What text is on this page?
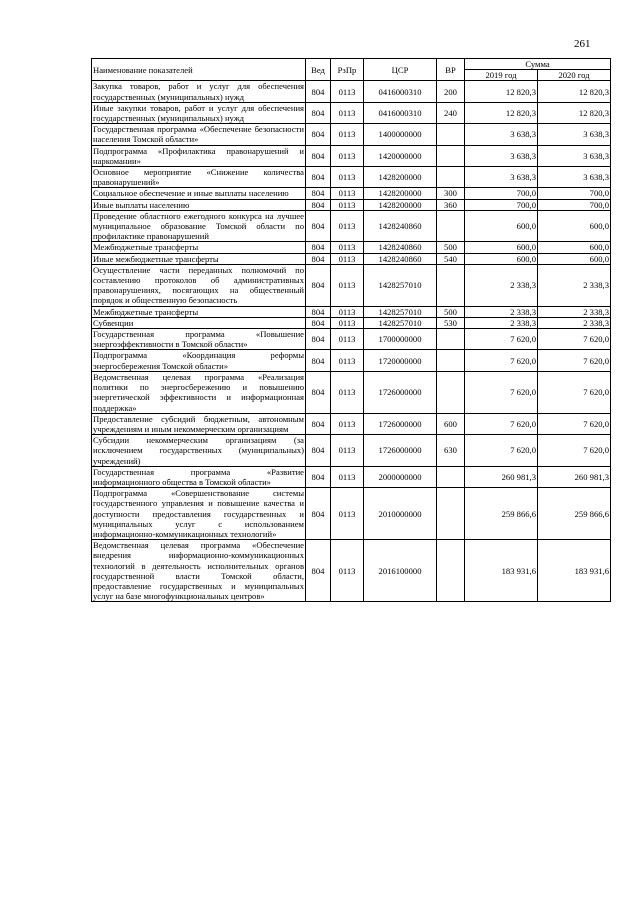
261
Наименование показателей	Вед	РзПр	ЦСР	ВР	Сумма	
					2019 год	2020 год
Закупка товаров, работ и услуг для обеспечения государственных (муниципальных) нужд	804	0113	0416000310	200	12 820,3	12 820,3
Иные закупки товаров, работ и услуг для обеспечения государственных (муниципальных) нужд	804	0113	0416000310	240	12 820,3	12 820,3
Государственная программа «Обеспечение безопасности населения Томской области»	804	0113	1400000000		3 638,3	3 638,3
Подпрограмма «Профилактика правонарушений и наркомании»	804	0113	1420000000		3 638,3	3 638,3
Основное мероприятие «Снижение количества правонарушений»	804	0113	1428200000		3 638,3	3 638,3
Социальное обеспечение и иные выплаты населению	804	0113	1428200000	300	700,0	700,0
Иные выплаты населению	804	0113	1428200000	360	700,0	700,0
Проведение областного ежегодного конкурса на лучшее муниципальное образование Томской области по профилактике правонарушений	804	0113	1428240860		600,0	600,0
Межбюджетные трансферты	804	0113	1428240860	500	600,0	600,0
Иные межбюджетные трансферты	804	0113	1428240860	540	600,0	600,0
Осуществление части переданных полномочий по составлению протоколов об административных правонарушениях, посягающих на общественный порядок и общественную безопасность	804	0113	1428257010		2 338,3	2 338,3
Межбюджетные трансферты	804	0113	1428257010	500	2 338,3	2 338,3
Субвенции	804	0113	1428257010	530	2 338,3	2 338,3
Государственная программа «Повышение энергоэффективности в Томской области»	804	0113	1700000000		7 620,0	7 620,0
Подпрограмма «Координация реформы энергосбережения Томской области»	804	0113	1720000000		7 620,0	7 620,0
Ведомственная целевая программа «Реализация политики по энергосбережению и повышению энергетической эффективности и информационная поддержка»	804	0113	1726000000		7 620,0	7 620,0
Предоставление субсидий бюджетным, автономным учреждениям и иным некоммерческим организациям	804	0113	1726000000	600	7 620,0	7 620,0
Субсидии некоммерческим организациям (за исключением государственных (муниципальных) учреждений)	804	0113	1726000000	630	7 620,0	7 620,0
Государственная программа «Развитие информационного общества в Томской области»	804	0113	2000000000		260 981,3	260 981,3
Подпрограмма «Совершенствование системы государственного управления и повышение качества и доступности предоставления государственных и муниципальных услуг с использованием информационно-коммуникационных технологий»	804	0113	2010000000		259 866,6	259 866,6
Ведомственная целевая программа «Обеспечение внедрения информационно-коммуникационных технологий в деятельность исполнительных органов государственной власти Томской области, предоставление государственных и муниципальных услуг на базе многофункциональных центров»	804	0113	2016100000		183 931,6	183 931,6
